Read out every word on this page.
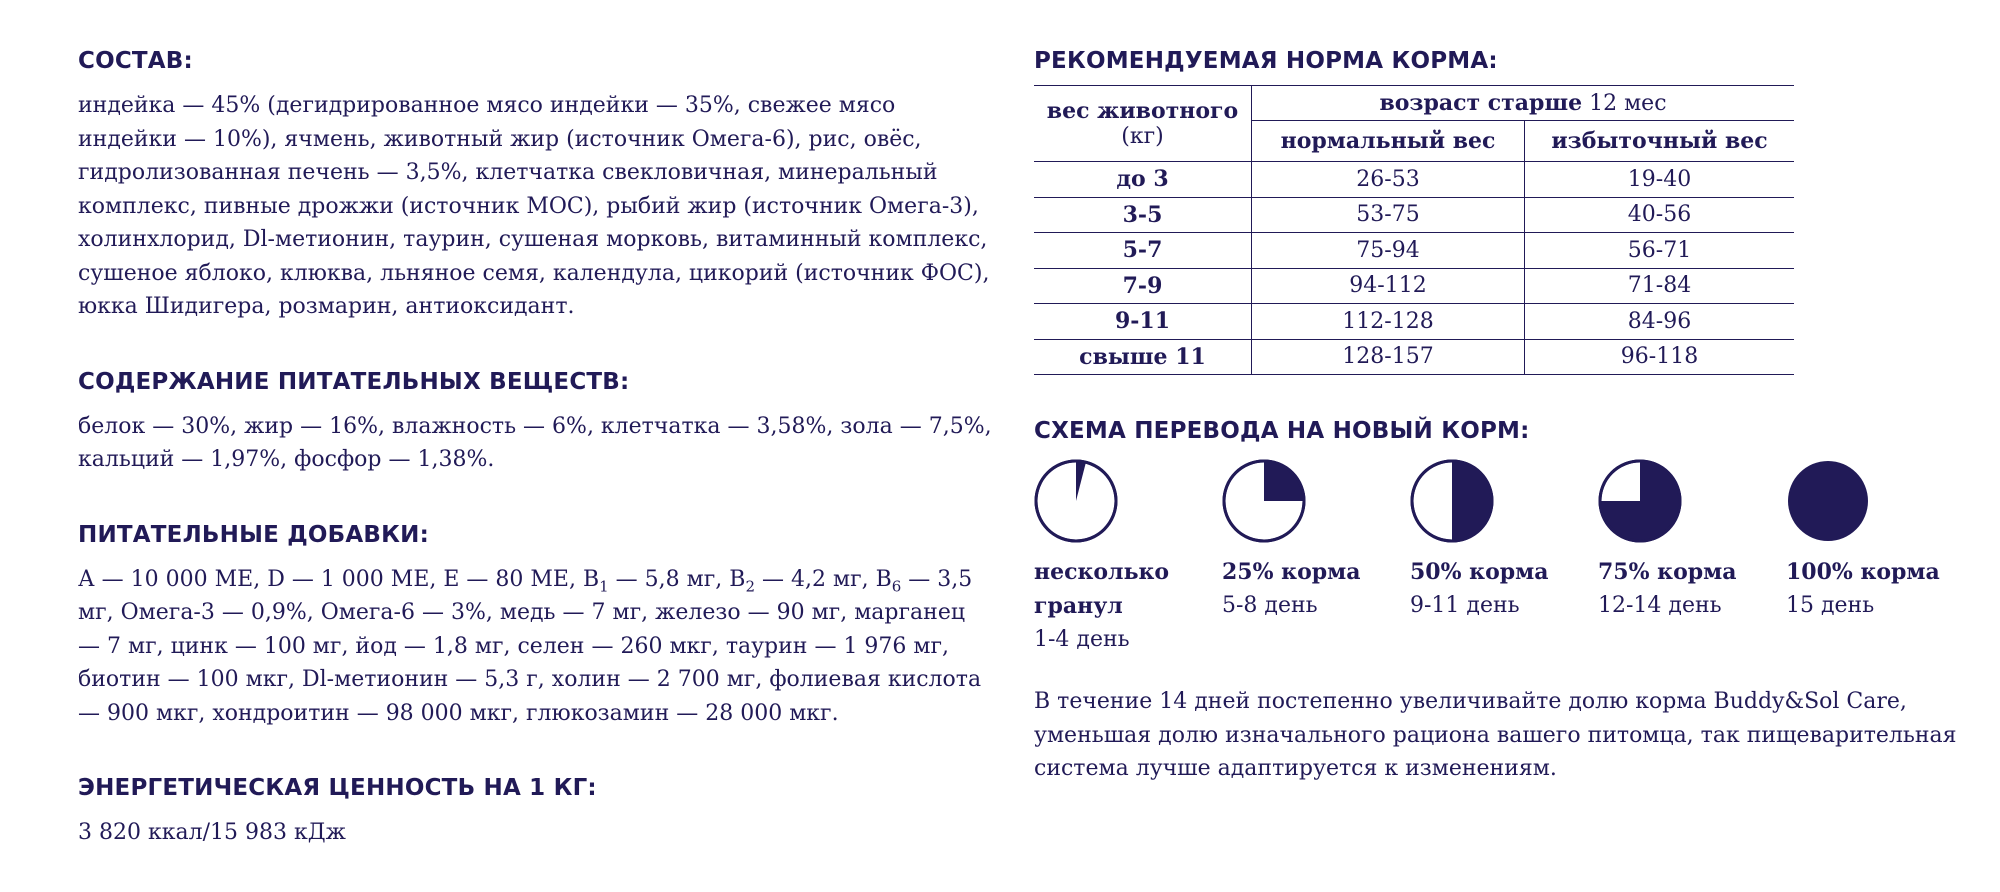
СОСТАВ:

индейка — 45% (дегидрированное мясо индейки — 35%, свежее мясо индейки — 10%), ячмень, животный жир (источник Омега-6), рис, овёс, гидролизованная печень — 3,5%, клетчатка свекловичная, минеральный комплекс, пивные дрожжи (источник МОС), рыбий жир (источник Омега-3), холинхлорид, Dl-метионин, таурин, сушеная морковь, витаминный комплекс, сушеное яблоко, клюква, льняное семя, календула, цикорий (источник ФОС), юкка Шидигера, розмарин, антиоксидант.

СОДЕРЖАНИЕ ПИТАТЕЛЬНЫХ ВЕЩЕСТВ:

белок — 30%, жир — 16%, влажность — 6%, клетчатка — 3,58%, зола — 7,5%, кальций — 1,97%, фосфор — 1,38%.

ПИТАТЕЛЬНЫЕ ДОБАВКИ:

А — 10 000 МЕ, D — 1 000 МЕ, Е — 80 МЕ, $В_1$ — 5,8 мг, $В_2$ — 4,2 мг, $В_6$ — 3,5 мг, Омега-3 — 0,9%, Омега-6 — 3%, медь — 7 мг, железо — 90 мг, марганец — 7 мг, цинк — 100 мг, йод — 1,8 мг, селен — 260 мкг, таурин — 1 976 мг, биотин — 100 мкг, Dl-метионин — 5,3 г, холин — 2 700 мг, фолиевая кислота — 900 мкг, хондроитин — 98 000 мкг, глюкозамин — 28 000 мкг.

ЭНЕРГЕТИЧЕСКАЯ ЦЕННОСТЬ НА 1 КГ:

3 820 ккал/15 983 кДж

РЕКОМЕНДУЕМАЯ НОРМА КОРМА:
вес животного
(кг)	возраст старше 12 мес	
	нормальный вес	избыточный вес
до 3	26-53	19-40
3-5	53-75	40-56
5-7	75-94	56-71
7-9	94-112	71-84
9-11	112-128	84-96
свыше 11	128-157	96-118
СХЕМА ПЕРЕВОДА НА НОВЫЙ КОРМ:
несколько гранул
1-4 день
25% корма
5-8 день
50% корма
9-11 день
75% корма
12-14 день
100% корма
15 день

В течение 14 дней постепенно увеличивайте долю корма Buddy&Sol Care, уменьшая долю изначального рациона вашего питомца, так пищеварительная система лучше адаптируется к изменениям.
